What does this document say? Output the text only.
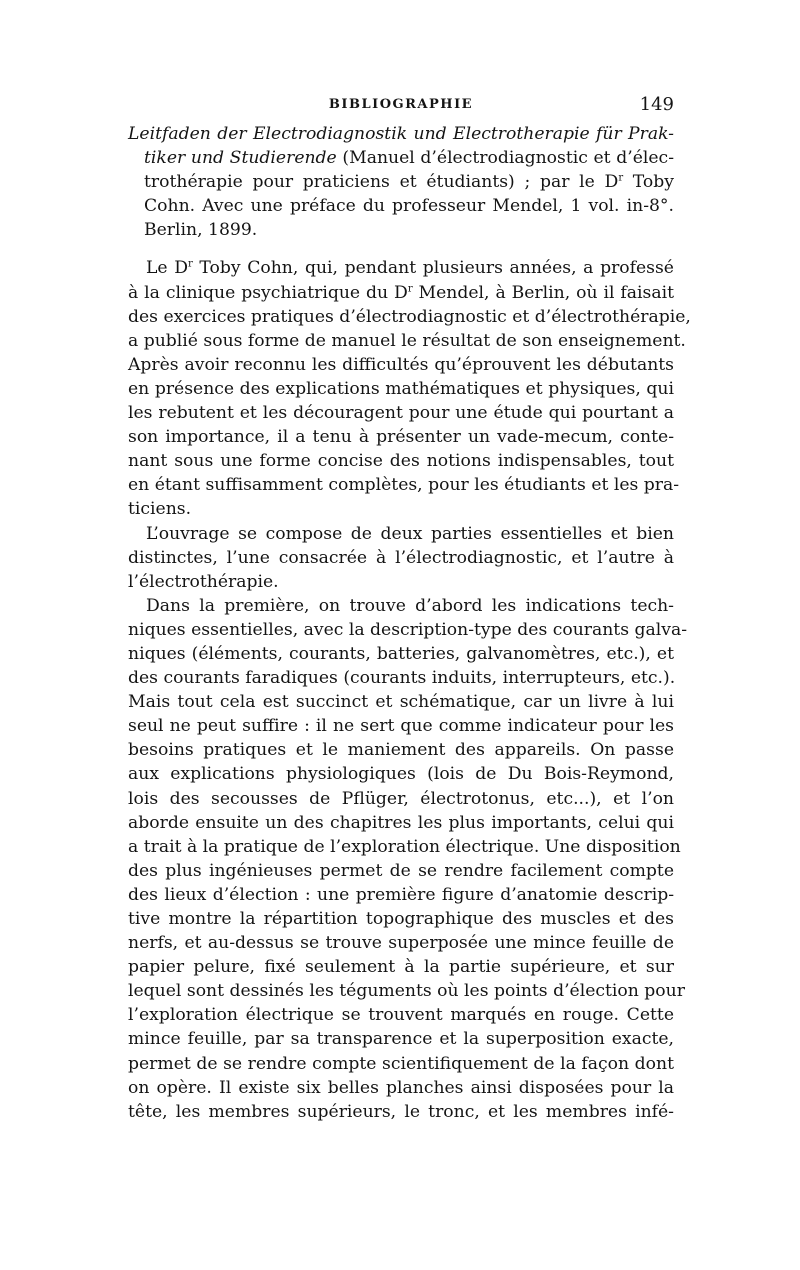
BIBLIOGRAPHIE	149
Leitfaden der Electrodiagnostik und Electrotherapie für Prak-
tiker und Studierende (Manuel d’électrodiagnostic et d’élec-
trothérapie pour praticiens et étudiants) ; par le $D^r$ Toby
Cohn. Avec une préface du professeur Mendel, 1 vol. in-8°.
Berlin, 1899.
Le $D^r$ Toby Cohn, qui, pendant plusieurs années, a professé
à la clinique psychiatrique du $D^r$ Mendel, à Berlin, où il faisait
des exercices pratiques d’électrodiagnostic et d’électrothérapie,
a publié sous forme de manuel le résultat de son enseignement.
Après avoir reconnu les difficultés qu’éprouvent les débutants
en présence des explications mathématiques et physiques, qui
les rebutent et les découragent pour une étude qui pourtant a
son importance, il a tenu à présenter un vade-mecum, conte-
nant sous une forme concise des notions indispensables, tout
en étant suffisamment complètes, pour les étudiants et les pra-
ticiens.
L’ouvrage se compose de deux parties essentielles et bien
distinctes, l’une consacrée à l’électrodiagnostic, et l’autre à
l’électrothérapie.
Dans la première, on trouve d’abord les indications tech-
niques essentielles, avec la description-type des courants galva-
niques (éléments, courants, batteries, galvanomètres, etc.), et
des courants faradiques (courants induits, interrupteurs, etc.).
Mais tout cela est succinct et schématique, car un livre à lui
seul ne peut suffire : il ne sert que comme indicateur pour les
besoins pratiques et le maniement des appareils. On passe
aux explications physiologiques (lois de Du Bois-Reymond,
lois des secousses de Pflüger, électrotonus, etc...), et l’on
aborde ensuite un des chapitres les plus importants, celui qui
a trait à la pratique de l’exploration électrique. Une disposition
des plus ingénieuses permet de se rendre facilement compte
des lieux d’élection : une première figure d’anatomie descrip-
tive montre la répartition topographique des muscles et des
nerfs, et au-dessus se trouve superposée une mince feuille de
papier pelure, fixé seulement à la partie supérieure, et sur
lequel sont dessinés les téguments où les points d’élection pour
l’exploration électrique se trouvent marqués en rouge. Cette
mince feuille, par sa transparence et la superposition exacte,
permet de se rendre compte scientifiquement de la façon dont
on opère. Il existe six belles planches ainsi disposées pour la
tête, les membres supérieurs, le tronc, et les membres infé-
